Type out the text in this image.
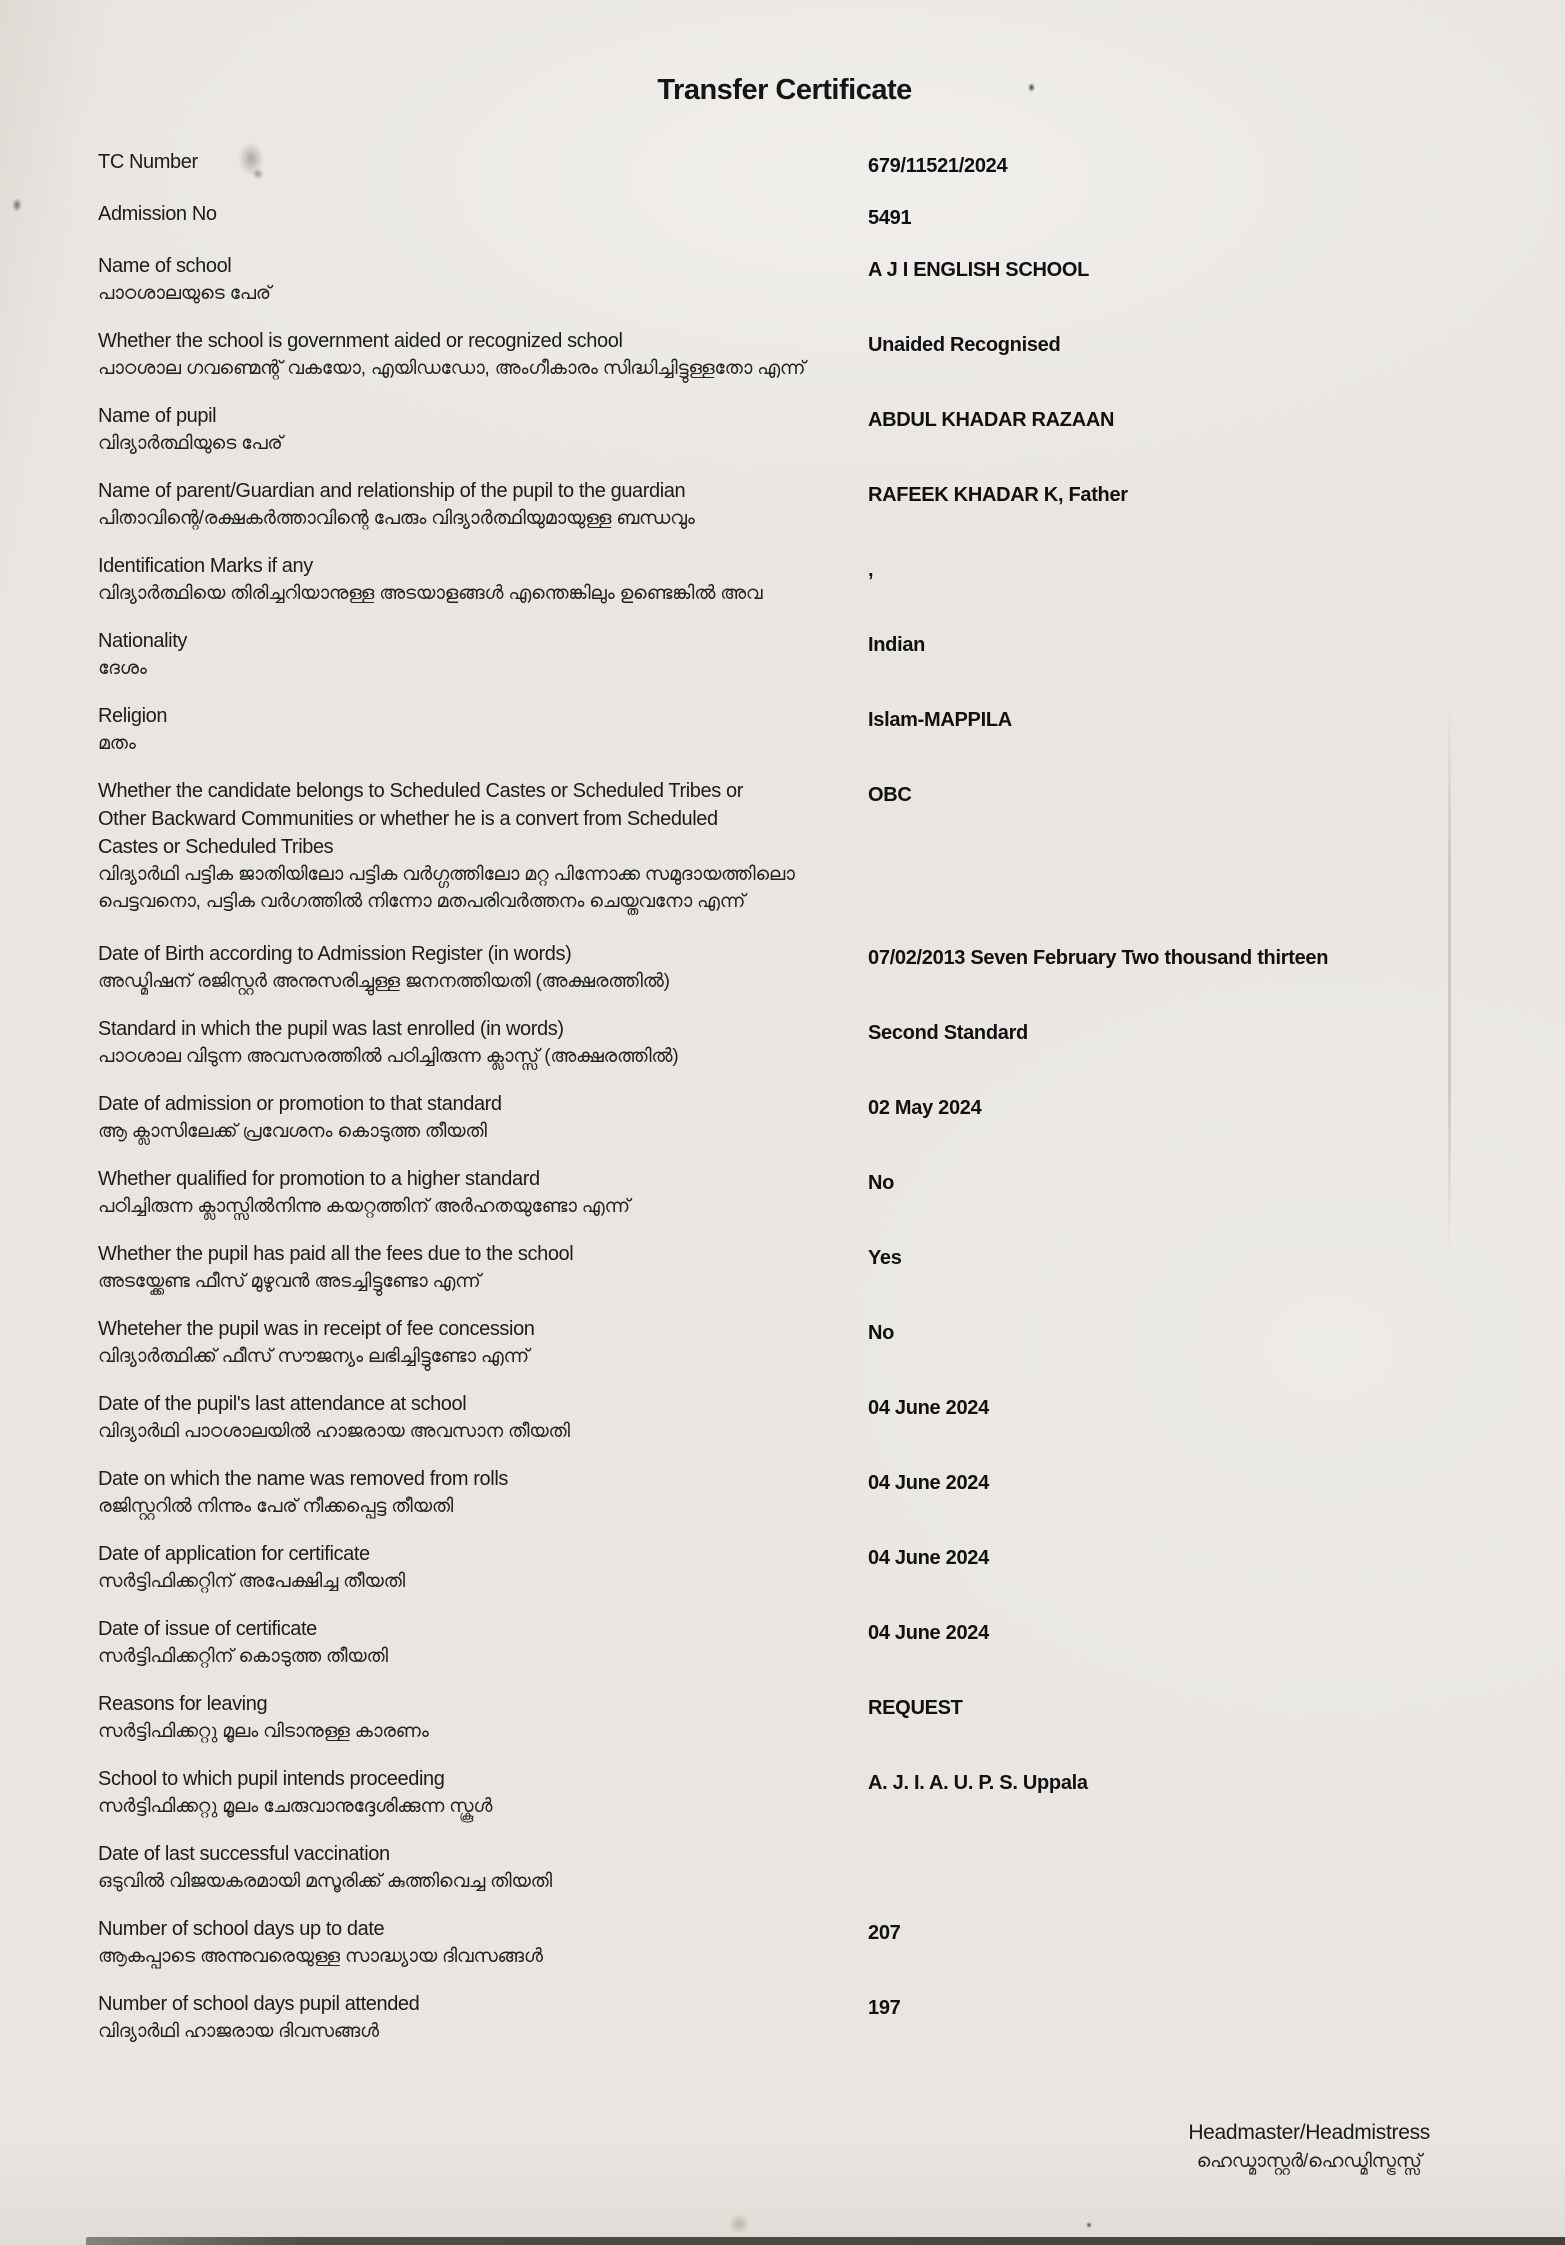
Transfer Certificate
TC Number	679/11521/2024
Admission No	5491
Name of school
പാഠശാലയുടെ പേര്
A J I ENGLISH SCHOOL
Whether the school is government aided or recognized school
പാഠശാല ഗവണ്മെന്റ് വകയോ, എയിഡഡോ, അംഗീകാരം സിദ്ധിച്ചിട്ടുള്ളതോ എന്ന്
Unaided Recognised
Name of pupil
വിദ്യാര്‍ത്ഥിയുടെ പേര്
ABDUL KHADAR RAZAAN
Name of parent/Guardian and relationship of the pupil to the guardian
പിതാവിന്റെ/രക്ഷകര്‍ത്താവിന്റെ പേരും വിദ്യാര്‍ത്ഥിയുമായുള്ള ബന്ധവും
RAFEEK KHADAR K, Father
Identification Marks if any
വിദ്യാര്‍ത്ഥിയെ തിരിച്ചറിയാനുള്ള അടയാളങ്ങള്‍ എന്തെങ്കിലും ഉണ്ടെങ്കില്‍ അവ
,
Nationality
ദേശം
Indian
Religion
മതം
Islam-MAPPILA
Whether the candidate belongs to Scheduled Castes or Scheduled Tribes or
Other Backward Communities or whether he is a convert from Scheduled
Castes or Scheduled Tribes
വിദ്യാര്‍ഥി പട്ടിക ജാതിയിലോ പട്ടിക വര്‍ഗ്ഗത്തിലോ മറ്റ പിന്നോക്ക സമുദായത്തിലൊ
പെട്ടവനൊ, പട്ടിക വര്‍ഗത്തില്‍ നിന്നോ മതപരിവര്‍ത്തനം ചെയ്തവനോ എന്ന്
OBC
Date of Birth according to Admission Register (in words)
അഡ്മിഷന് രജിസ്റ്റര്‍ അനുസരിച്ചുള്ള ജനനത്തിയതി (അക്ഷരത്തില്‍)
07/02/2013 Seven February Two thousand thirteen
Standard in which the pupil was last enrolled (in words)
പാഠശാല വിടുന്ന അവസരത്തില്‍ പഠിച്ചിരുന്ന ക്ലാസ്സ് (അക്ഷരത്തില്‍)
Second Standard
Date of admission or promotion to that standard
ആ ക്ലാസിലേക്ക് പ്രവേശനം കൊടുത്ത തീയതി
02 May 2024
Whether qualified for promotion to a higher standard
പഠിച്ചിരുന്ന ക്ലാസ്സില്‍നിന്നു കയറ്റത്തിന് അര്‍ഹതയുണ്ടോ എന്ന്
No
Whether the pupil has paid all the fees due to the school
അടയ്ക്കേണ്ട ഫീസ് മുഴുവന്‍ അടച്ചിട്ടുണ്ടോ എന്ന്
Yes
Wheteher the pupil was in receipt of fee concession
വിദ്യാര്‍ത്ഥിക്ക് ഫീസ് സൗജന്യം ലഭിച്ചിട്ടുണ്ടോ എന്ന്
No
Date of the pupil's last attendance at school
വിദ്യാര്‍ഥി പാഠശാലയില്‍ ഹാജരായ അവസാന തീയതി
04 June 2024
Date on which the name was removed from rolls
രജിസ്റ്ററില്‍ നിന്നും പേര് നീക്കപ്പെട്ട തീയതി
04 June 2024
Date of application for certificate
സര്‍ട്ടിഫിക്കറ്റിന് അപേക്ഷിച്ച തീയതി
04 June 2024
Date of issue of certificate
സര്‍ട്ടിഫിക്കറ്റിന് കൊടുത്ത തീയതി
04 June 2024
Reasons for leaving
സര്‍ട്ടിഫിക്കറ്റു മൂലം വിടാനുള്ള കാരണം
REQUEST
School to which pupil intends proceeding
സര്‍ട്ടിഫിക്കറ്റു മൂലം ചേരുവാനുദ്ദേശിക്കുന്ന സ്കൂള്‍
A. J. I. A. U. P. S. Uppala
Date of last successful vaccination
ഒടുവില്‍ വിജയകരമായി മസൂരിക്ക് കുത്തിവെച്ച തിയതി
Number of school days up to date
ആകപ്പാടെ അന്നുവരെയുള്ള സാദ്ധ്യായ ദിവസങ്ങള്‍
207
Number of school days pupil attended
വിദ്യാര്‍ഥി ഹാജരായ ദിവസങ്ങള്‍
197
Headmaster/Headmistress
ഹെഡ്മാസ്റ്റര്‍/ഹെഡ്മിസ്ട്രസ്സ്
